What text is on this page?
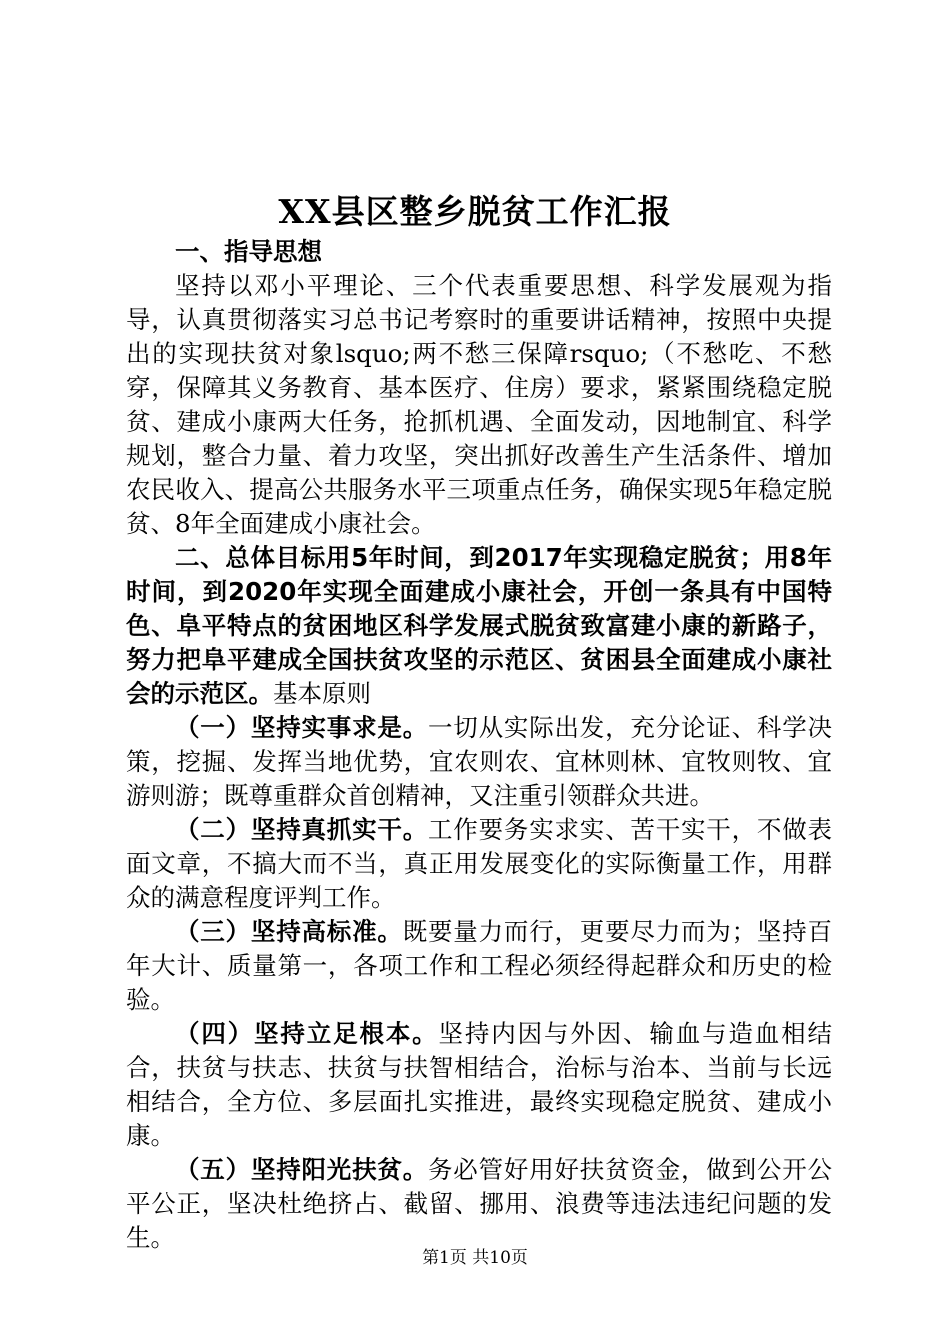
XX县区整乡脱贫工作汇报

一、指导思想

坚持以邓小平理论、三个代表重要思想、科学发展观为指导，认真贯彻落实习总书记考察时的重要讲话精神，按照中央提出的实现扶贫对象lsquo;两不愁三保障rsquo;（不愁吃、不愁穿，保障其义务教育、基本医疗、住房）要求，紧紧围绕稳定脱贫、建成小康两大任务，抢抓机遇、全面发动，因地制宜、科学规划，整合力量、着力攻坚，突出抓好改善生产生活条件、增加农民收入、提高公共服务水平三项重点任务，确保实现5年稳定脱贫、8年全面建成小康社会。

二、总体目标用5年时间，到2017年实现稳定脱贫；用8年时间，到2020年实现全面建成小康社会，开创一条具有中国特色、阜平特点的贫困地区科学发展式脱贫致富建小康的新路子，努力把阜平建成全国扶贫攻坚的示范区、贫困县全面建成小康社会的示范区。基本原则

（一）坚持实事求是。一切从实际出发，充分论证、科学决策，挖掘、发挥当地优势，宜农则农、宜林则林、宜牧则牧、宜游则游；既尊重群众首创精神，又注重引领群众共进。

（二）坚持真抓实干。工作要务实求实、苦干实干，不做表面文章，不搞大而不当，真正用发展变化的实际衡量工作，用群众的满意程度评判工作。

（三）坚持高标准。既要量力而行，更要尽力而为；坚持百年大计、质量第一，各项工作和工程必须经得起群众和历史的检验。

（四）坚持立足根本。坚持内因与外因、输血与造血相结合，扶贫与扶志、扶贫与扶智相结合，治标与治本、当前与长远相结合，全方位、多层面扎实推进，最终实现稳定脱贫、建成小康。

（五）坚持阳光扶贫。务必管好用好扶贫资金，做到公开公平公正，坚决杜绝挤占、截留、挪用、浪费等违法违纪问题的发生。

第1页 共10页
